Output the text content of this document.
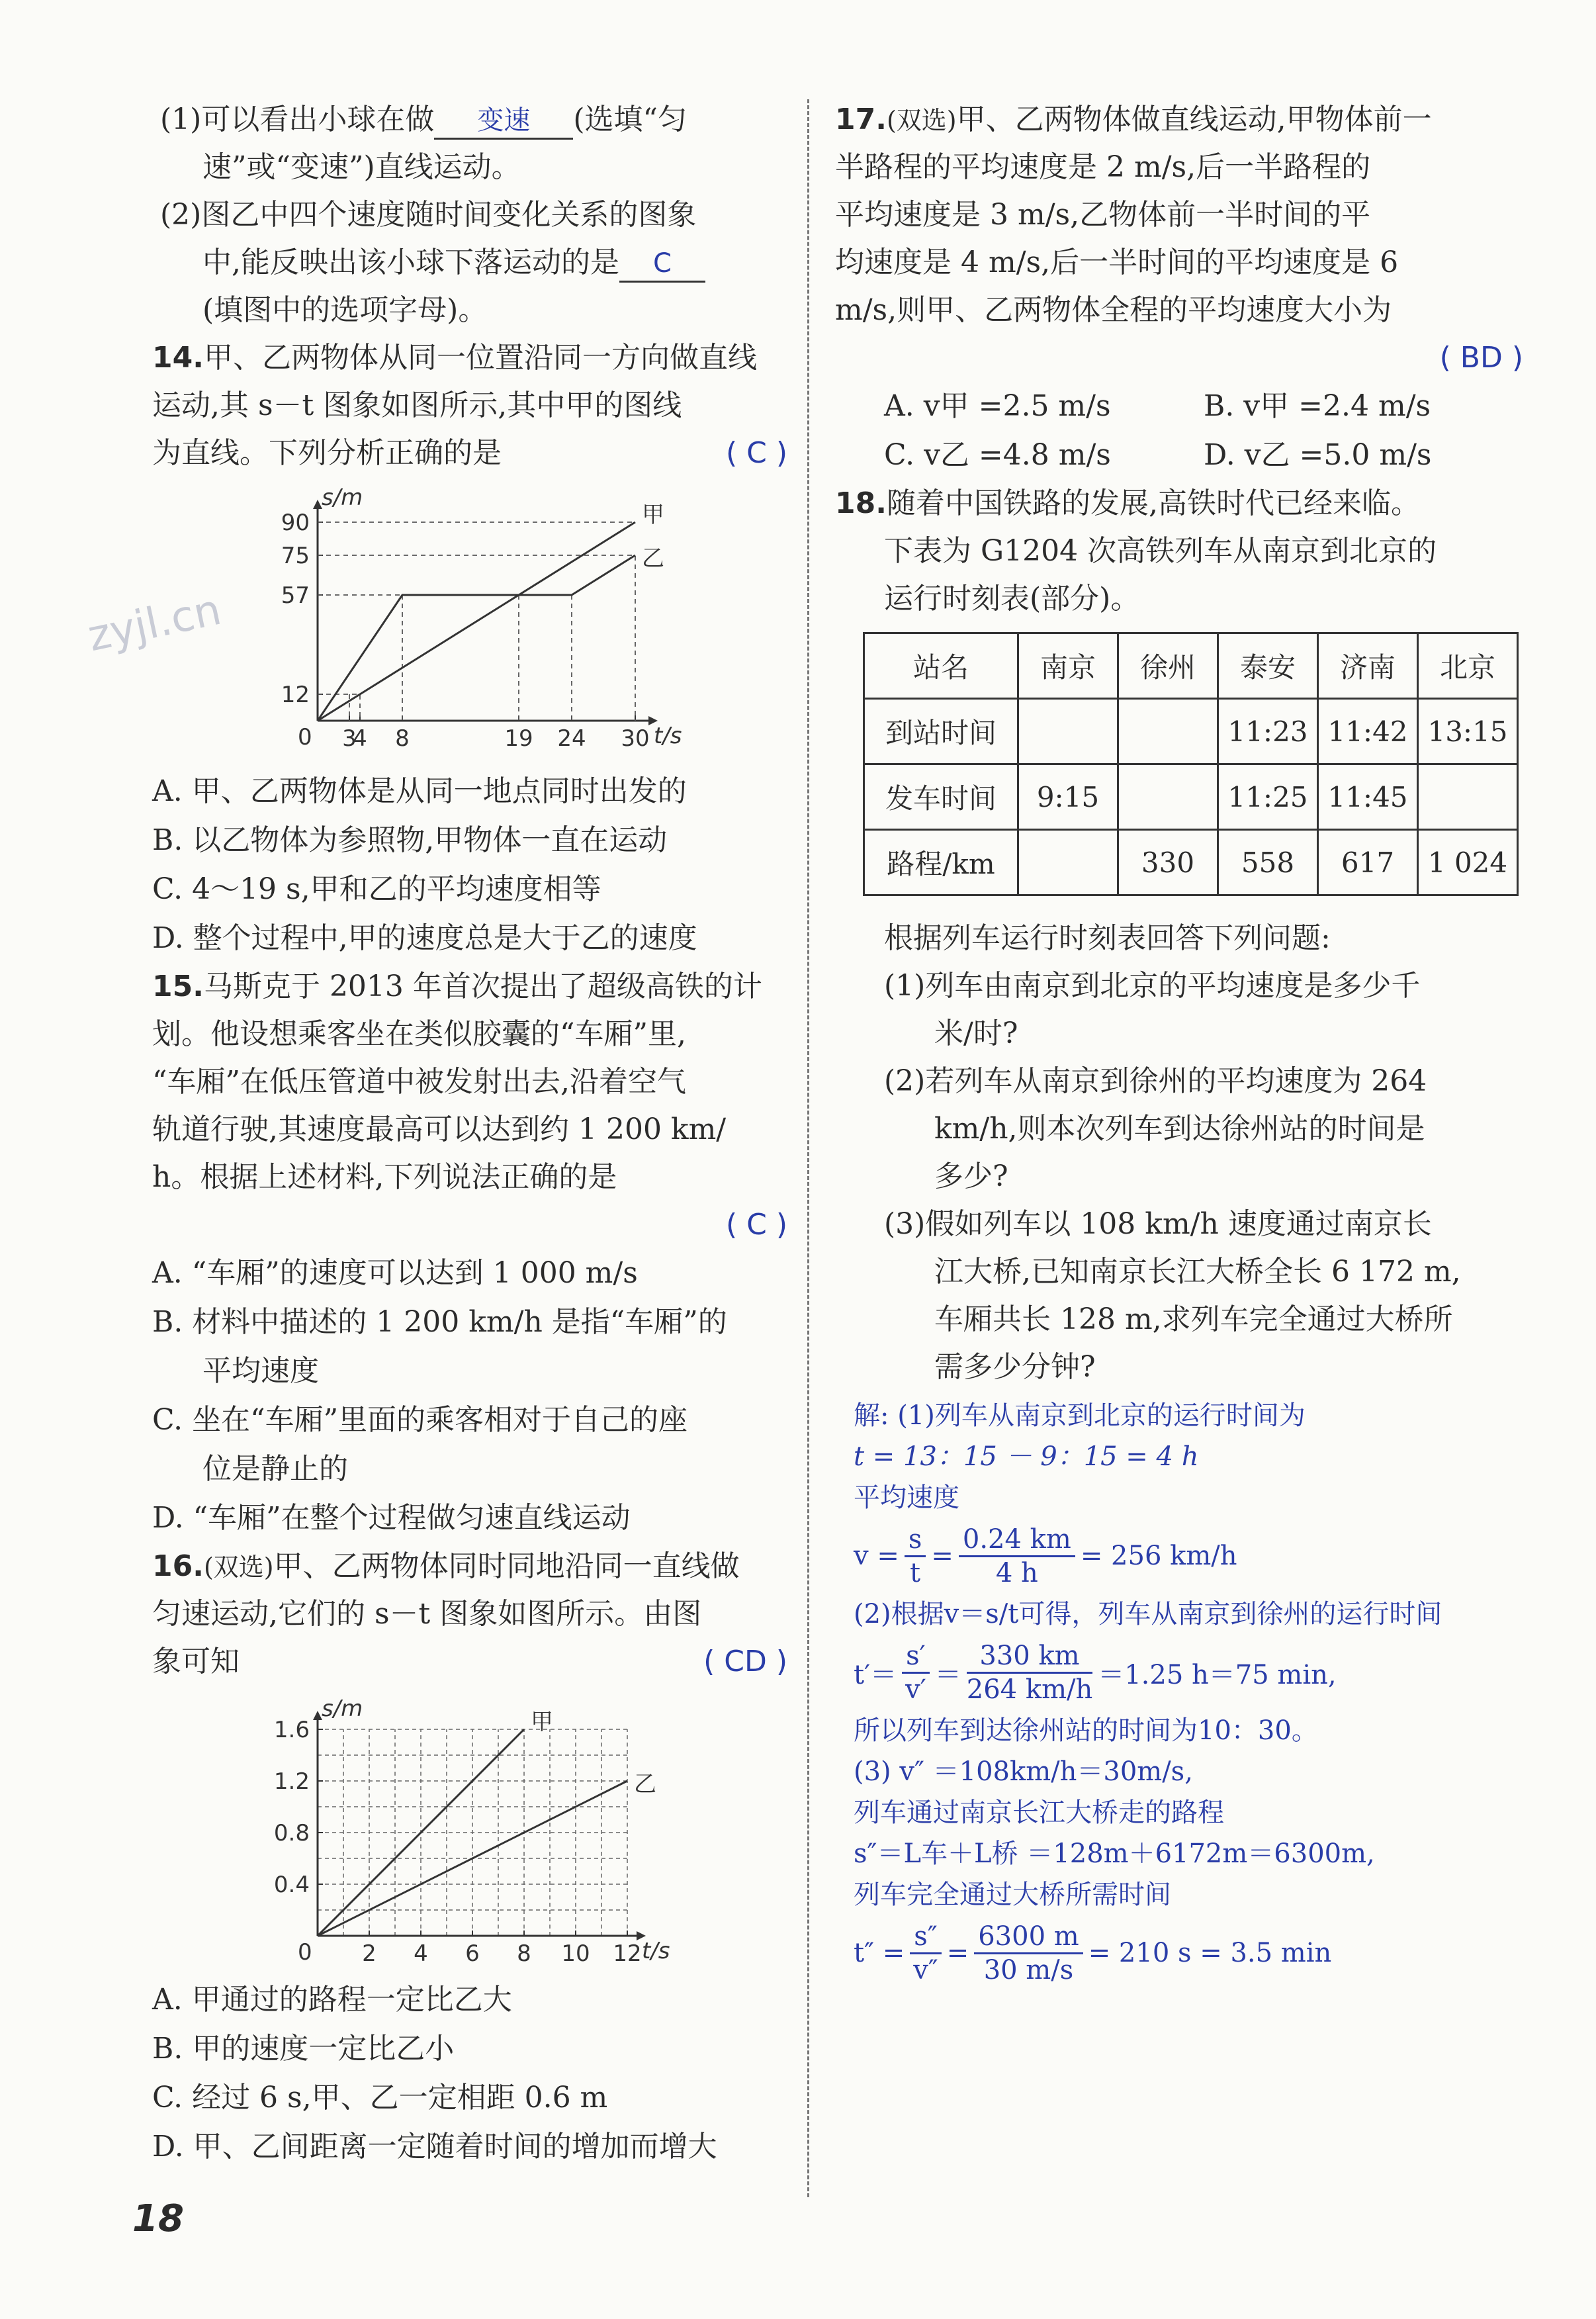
zyjl.cn
(1)可以看出小球在做 变速 (选填“匀
速”或“变速”)直线运动。
(2)图乙中四个速度随时间变化关系的图象
中,能反映出该小球下落运动的是 C
(填图中的选项字母)。
14.甲、乙两物体从同一位置沿同一方向做直线
运动,其 s－t 图象如图所示,其中甲的图线
为直线。下列分析正确的是	( C )
s/m
t/s
0 3
4 8	19 24 30
12
57
75
90	甲
乙
A. 甲、乙两物体是从同一地点同时出发的
B. 以乙物体为参照物,甲物体一直在运动
C. 4～19 s,甲和乙的平均速度相等
D. 整个过程中,甲的速度总是大于乙的速度
15.马斯克于 2013 年首次提出了超级高铁的计
划。他设想乘客坐在类似胶囊的“车厢”里,
“车厢”在低压管道中被发射出去,沿着空气
轨道行驶,其速度最高可以达到约 1 200 km/
h。根据上述材料,下列说法正确的是
( C )
A. “车厢”的速度可以达到 1 000 m/s
B. 材料中描述的 1 200 km/h 是指“车厢”的
平均速度
C. 坐在“车厢”里面的乘客相对于自己的座
位是静止的
D. “车厢”在整个过程做匀速直线运动
16.(双选)甲、乙两物体同时同地沿同一直线做
匀速运动,它们的 s－t 图象如图所示。由图
象可知	( CD )
s/m
t/s
0 2 4 6 8 10 12
0.4
0.8
1.2
1.6	甲
乙
A. 甲通过的路程一定比乙大
B. 甲的速度一定比乙小
C. 经过 6 s,甲、乙一定相距 0.6 m
D. 甲、乙间距离一定随着时间的增加而增大
17.(双选)甲、乙两物体做直线运动,甲物体前一
半路程的平均速度是 2 m/s,后一半路程的
平均速度是 3 m/s,乙物体前一半时间的平
均速度是 4 m/s,后一半时间的平均速度是 6
m/s,则甲、乙两物体全程的平均速度大小为
( BD )
A. v甲 =2.5 m/s	B. v甲 =2.4 m/s
C. v乙 =4.8 m/s	D. v乙 =5.0 m/s
18.随着中国铁路的发展,高铁时代已经来临。
下表为 G1204 次高铁列车从南京到北京的
运行时刻表(部分)。
站名	南京	徐州	泰安	济南	北京
到站时间			11:23	11:42	13:15
发车时间	9:15		11:25	11:45	
路程/km		330	558	617	1 024
根据列车运行时刻表回答下列问题:
(1)列车由南京到北京的平均速度是多少千
米/时?
(2)若列车从南京到徐州的平均速度为 264
km/h,则本次列车到达徐州站的时间是
多少?
(3)假如列车以 108 km/h 速度通过南京长
江大桥,已知南京长江大桥全长 6 172 m,
车厢共长 128 m,求列车完全通过大桥所
需多少分钟?
解: (1)列车从南京到北京的运行时间为
t = 13：15 － 9：15 = 4 h
平均速度
$v = \frac{s}{t} = \frac{0.24 km}{4 h} = 256$ km/h
(2)根据v＝s/t可得，列车从南京到徐州的运行时间
$t'= \frac{s'}{v'} = \frac{330 km}{264 km/h} =1.25$ h＝75 min,
所以列车到达徐州站的时间为10：30。
(3) v″ ＝108km/h＝30m/s,
列车通过南京长江大桥走的路程
s″＝L车＋L桥 ＝128m＋6172m＝6300m,
列车完全通过大桥所需时间
$t'' = \frac{s''}{v''} = \frac{6300 m}{30 m/s} = 210$ s = 3.5 min
18
